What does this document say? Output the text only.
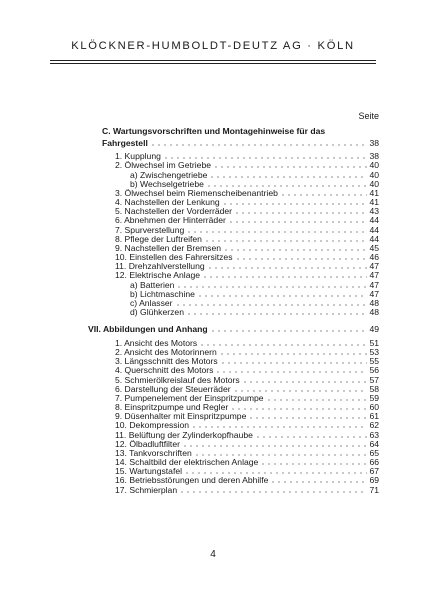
KLÖCKNER-HUMBOLDT-DEUTZ AG · KÖLN
Seite
C. Wartungsvorschriften und Montagehinweise für das
Fahrgestell	38
1. Kupplung	38
2. Ölwechsel im Getriebe	40
a) Zwischengetriebe	40
b) Wechselgetriebe	40
3. Ölwechsel beim Riemenscheibenantrieb	41
4. Nachstellen der Lenkung	41
5. Nachstellen der Vorderräder	43
6. Abnehmen der Hinterräder	44
7. Spurverstellung	44
8. Pflege der Luftreifen	44
9. Nachstellen der Bremsen	45
10. Einstellen des Fahrersitzes	46
11. Drehzahlverstellung	47
12. Elektrische Anlage	47
a) Batterien	47
b) Lichtmaschine	47
c) Anlasser	48
d) Glühkerzen	48
VII. Abbildungen und Anhang	49
1. Ansicht des Motors	51
2. Ansicht des Motorinnern	53
3. Längsschnitt des Motors	55
4. Querschnitt des Motors	56
5. Schmierölkreislauf des Motors	57
6. Darstellung der Steuerräder	58
7. Pumpenelement der Einspritzpumpe	59
8. Einspritzpumpe und Regler	60
9. Düsenhalter mit Einspritzpumpe	61
10. Dekompression	62
11. Belüftung der Zylinderkopfhaube	63
12. Ölbadluftfilter	64
13. Tankvorschriften	65
14. Schaltbild der elektrischen Anlage	66
15. Wartungstafel	67
16. Betriebsstörungen und deren Abhilfe	69
17. Schmierplan	71
4
